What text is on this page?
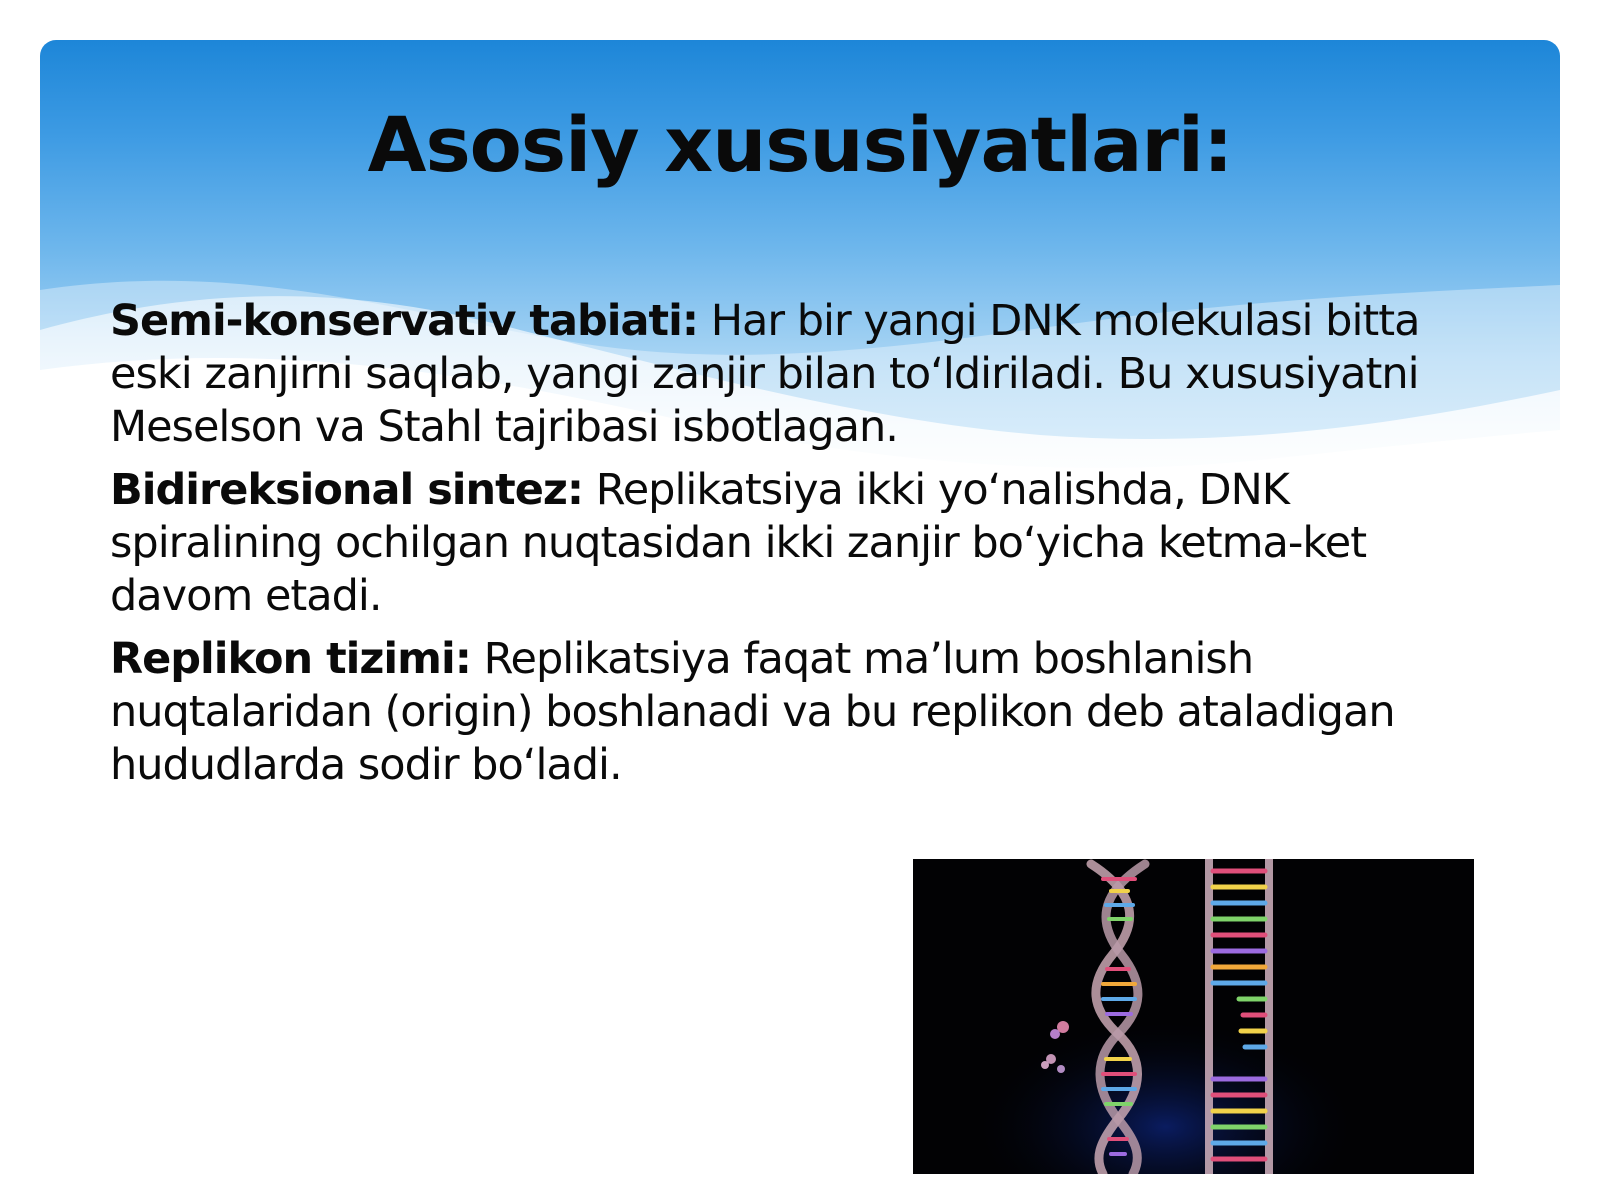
Asosiy xususiyatlari:

Semi-konservativ tabiati: Har bir yangi DNK molekulasi bitta eski zanjirni saqlab, yangi zanjir bilan to‘ldiriladi. Bu xususiyatni Meselson va Stahl tajribasi isbotlagan.

Bidireksional sintez: Replikatsiya ikki yo‘nalishda, DNK spiralining ochilgan nuqtasidan ikki zanjir bo‘yicha ketma-ket davom etadi.

Replikon tizimi: Replikatsiya faqat ma’lum boshlanish nuqtalaridan (origin) boshlanadi va bu replikon deb ataladigan hududlarda sodir bo‘ladi.
